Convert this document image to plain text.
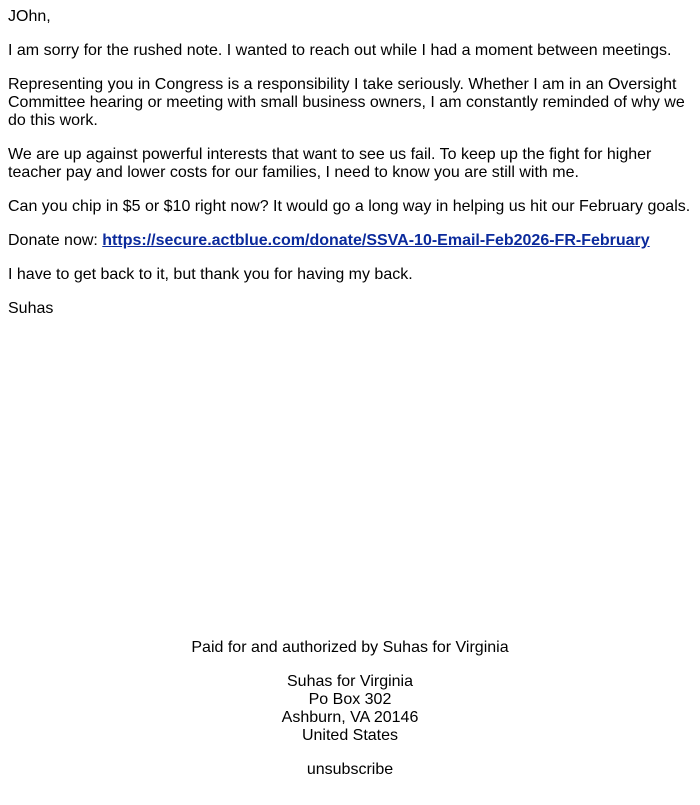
JOhn,

I am sorry for the rushed note. I wanted to reach out while I had a moment between meetings.

Representing you in Congress is a responsibility I take seriously. Whether I am in an Oversight Committee hearing or meeting with small business owners, I am constantly reminded of why we do this work.

We are up against powerful interests that want to see us fail. To keep up the fight for higher teacher pay and lower costs for our families, I need to know you are still with me.

Can you chip in $5 or $10 right now? It would go a long way in helping us hit our February goals.

Donate now: https://secure.actblue.com/donate/SSVA-10-Email-Feb2026-FR-February

I have to get back to it, but thank you for having my back.

Suhas

Paid for and authorized by Suhas for Virginia

Suhas for Virginia
Po Box 302
Ashburn, VA 20146
United States

unsubscribe
